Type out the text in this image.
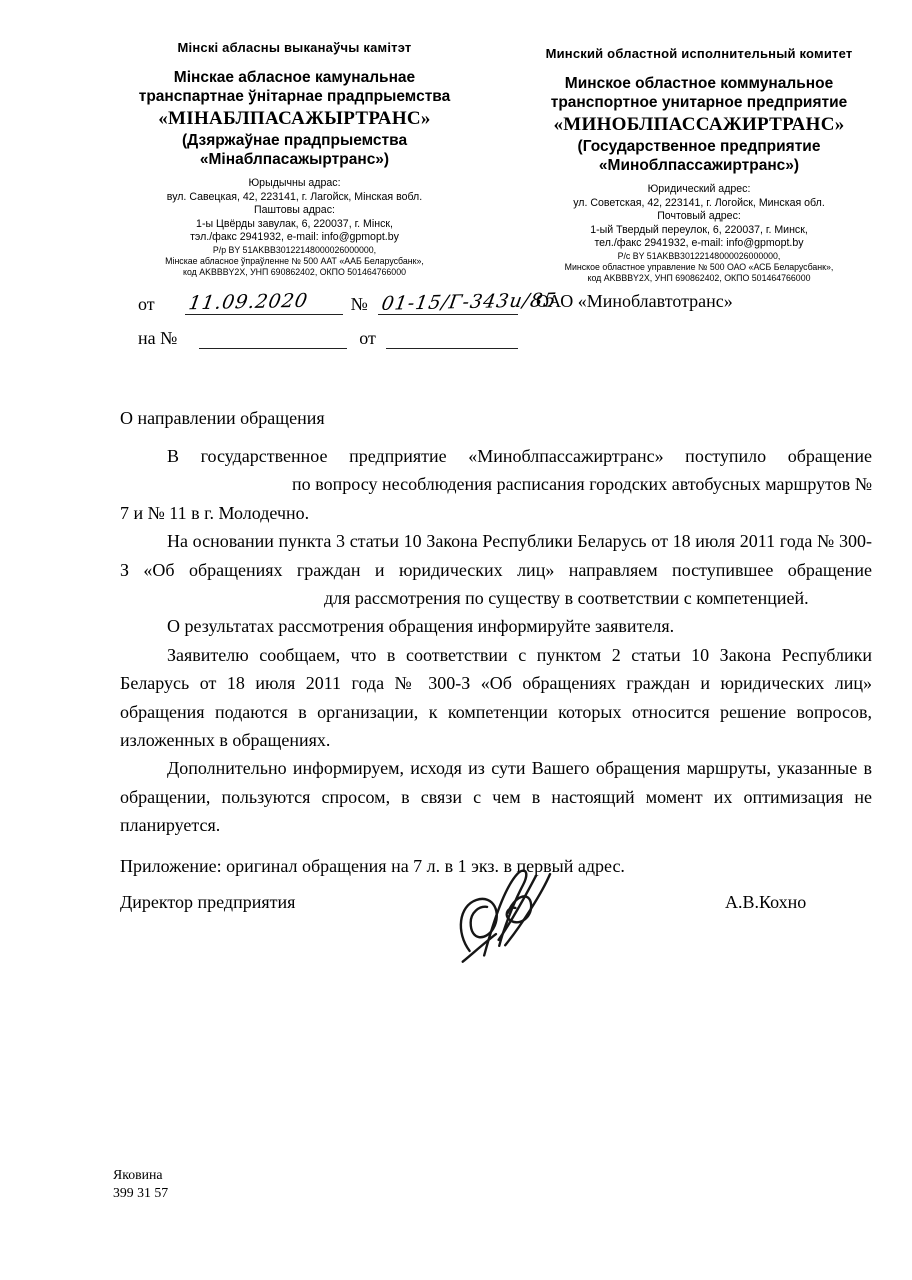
Мінскі абласны выканаўчы камітэт
Мінскае абласное камунальнае
транспартнае ўнітарнае прадпрыемства
«МІНАБЛПАСАЖЫРТРАНС»
(Дзяржаўнае прадпрыемства
«Мінаблпасажыртранс»)
Юрыдычны адрас:
вул. Савецкая, 42, 223141, г. Лагойск, Мінская вобл.
Паштовы адрас:
1-ы Цвёрды завулак, 6, 220037, г. Мінск,
тэл./факс 2941932, e-mail: info@gpmopt.by
Р/р BY 51AKBB30122148000026000000,
Мінскае абласное ўпраўленне № 500 ААТ «ААБ Беларусбанк»,
код AKBBBY2X, УНП 690862402, ОКПО 501464766000
Минский областной исполнительный комитет
Минское областное коммунальное
транспортное унитарное предприятие
«МИНОБЛПАССАЖИРТРАНС»
(Государственное предприятие
«Миноблпассажиртранс»)
Юридический адрес:
ул. Советская, 42, 223141, г. Логойск, Минская обл.
Почтовый адрес:
1-ый Твердый переулок, 6, 220037, г. Минск,
тел./факс 2941932, e-mail: info@gpmopt.by
Р/с BY 51AKBB30122148000026000000,
Минское областное управление № 500 ОАО «АСБ Беларусбанк»,
код AKBBBY2X, УНП 690862402, ОКПО 501464766000
от 11.09.2020 № 01-15/Г-343и/85
на №	от
ОАО «Миноблавтотранс»
О направлении обращения

В государственное предприятие «Миноблпассажиртранс» поступило обращениепо вопросу несоблюдения расписания городских автобусных маршрутов № 7 и № 11 в г. Молодечно.

На основании пункта 3 статьи 10 Закона Республики Беларусь от 18 июля 2011 года № 300-З «Об обращениях граждан и юридических лиц» направляем поступившее обращениедля рассмотрения по существу в соответствии с компетенцией.

О результатах рассмотрения обращения информируйте заявителя.

Заявителю сообщаем, что в соответствии с пунктом 2 статьи 10 Закона Республики Беларусь от 18 июля 2011 года № 300-З «Об обращениях граждан и юридических лиц» обращения подаются в организации, к компетенции которых относится решение вопросов, изложенных в обращениях.

Дополнительно информируем, исходя из сути Вашего обращения маршруты, указанные в обращении, пользуются спросом, в связи с чем в настоящий момент их оптимизация не планируется.

Приложение: оригинал обращения на 7 л. в 1 экз. в первый адрес.

Директор предприятия	А.В.Кохно
Яковина
399 31 57
